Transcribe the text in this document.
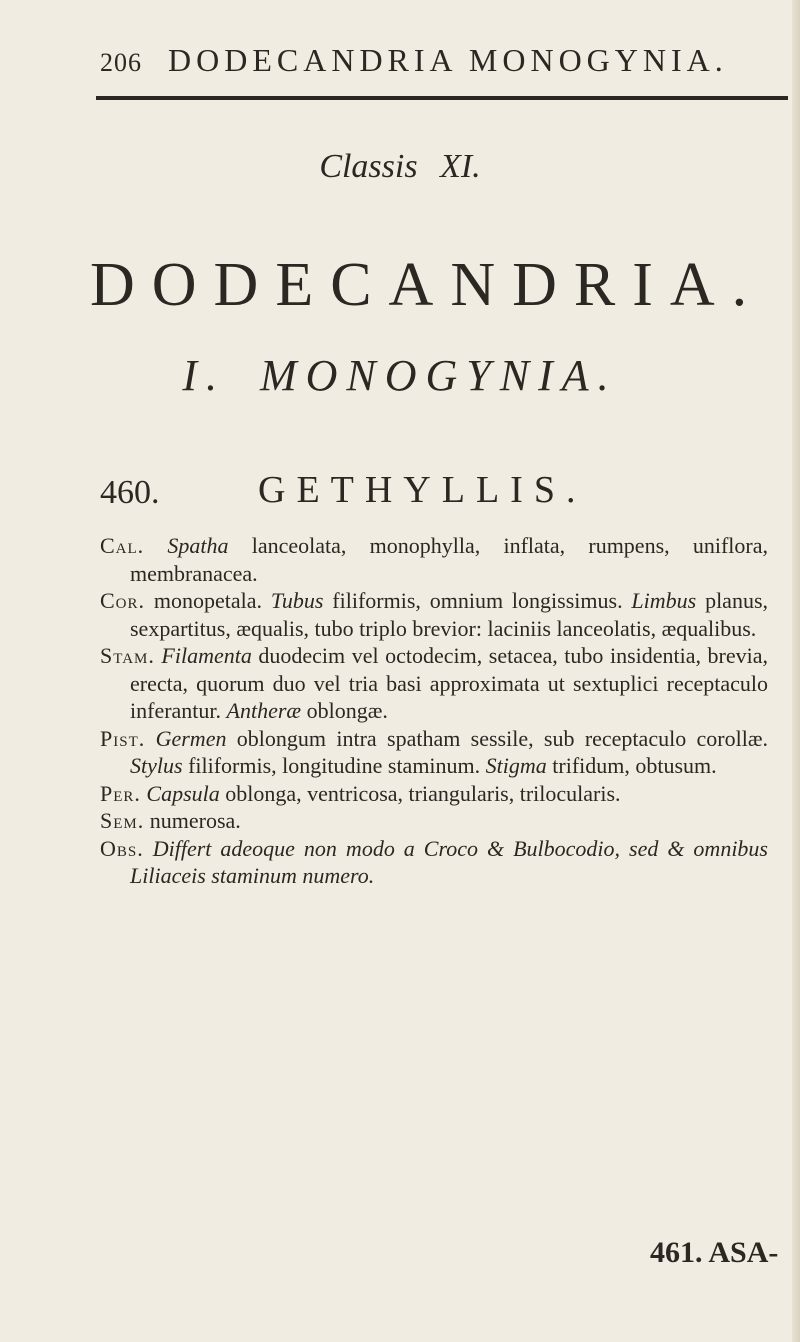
206 DODECANDRIA MONOGYNIA.
Classis XI.
DODECANDRIA.
I. MONOGYNIA.
460.	GETHYLLIS.

Cal. Spatha lanceolata, monophylla, inflata, rumpens, uniflora, membranacea.

Cor. monopetala. Tubus filiformis, omnium longissimus. Limbus planus, sexpartitus, æqualis, tubo triplo brevior: laciniis lanceolatis, æqualibus.

Stam. Filamenta duodecim vel octodecim, setacea, tubo insidentia, brevia, erecta, quorum duo vel tria basi approximata ut sextuplici receptaculo inferantur. Antheræ oblongæ.

Pist. Germen oblongum intra spatham sessile, sub receptaculo corollæ. Stylus filiformis, longitudine staminum. Stigma trifidum, obtusum.

Per. Capsula oblonga, ventricosa, triangularis, trilocularis.

Sem. numerosa.

Obs. Differt adeoque non modo a Croco & Bulbocodio, sed & omnibus Liliaceis staminum numero.

461. ASA-
